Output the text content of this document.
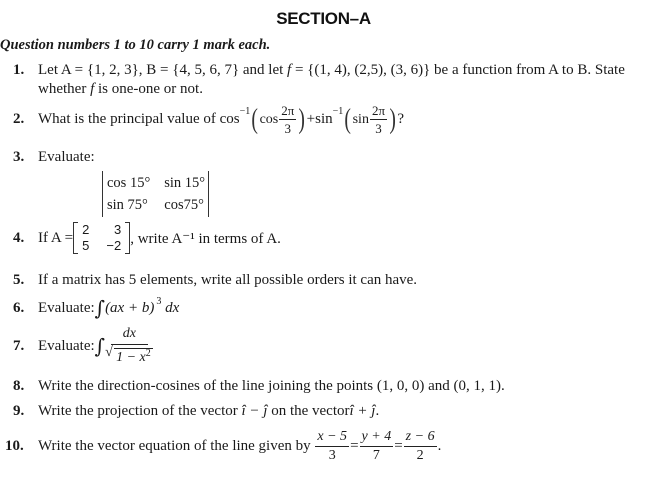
SECTION–A
Question numbers 1 to 10 carry 1 mark each.
1. Let A = {1, 2, 3}, B = {4, 5, 6, 7} and let f = {(1, 4), (2,5), (3, 6)} be a function from A to B. State
whether f is one-one or not.
2. What is the principal value of
cos −1 ( $\cos \frac{2\pi}{3}$ ) + sin −1 ( $\sin \frac{2\pi}{3}$ ) ?
3. Evaluate:
cos 15°	sin 15°
sin 75°	cos75°
4. If A = 2	3
5	−2 , write A⁻¹ in terms of A.
5. If a matrix has 5 elements, write all possible orders it can have.
6. Evaluate: ∫ (ax + b) 3
dx
7. Evaluate: ∫ dx
√ $1 - x^2$
8. Write the direction-cosines of the line joining the points (1, 0, 0) and (0, 1, 1).
9. Write the projection of the vector î − ĵ on the vectorî + ĵ.
10. Write the vector equation of the line given by
$\frac{x - 5}{3} = \frac{y + 4}{7} = \frac{z - 6}{2}$ .
